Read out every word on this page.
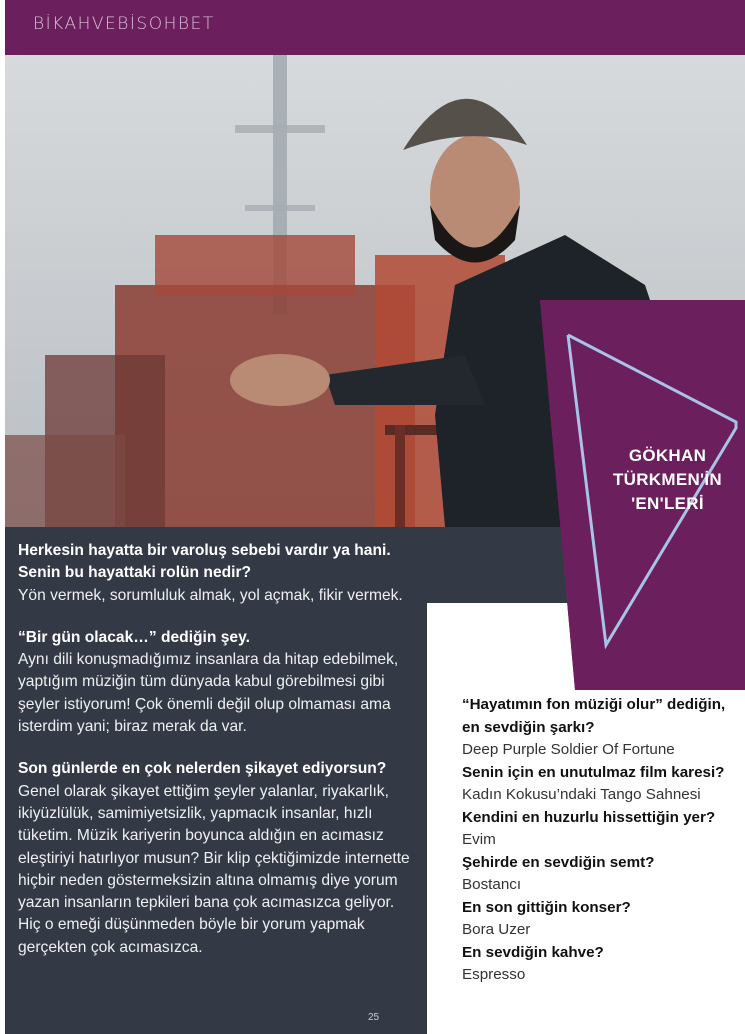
BİKAHVEBİSOHBET
GÖKHAN
TÜRKMEN'İN
'EN'LERİ

Herkesin hayatta bir varoluş sebebi vardır ya hani. Senin bu hayattaki rolün nedir?
Yön vermek, sorumluluk almak, yol açmak, fikir vermek.

“Bir gün olacak…” dediğin şey.
Aynı dili konuşmadığımız insanlara da hitap edebilmek, yaptığım müziğin tüm dünyada kabul görebilmesi gibi şeyler istiyorum! Çok önemli değil olup olmaması ama isterdim yani; biraz merak da var.

Son günlerde en çok nelerden şikayet ediyorsun?
Genel olarak şikayet ettiğim şeyler yalanlar, riyakarlık, ikiyüzlülük, samimiyetsizlik, yapmacık insanlar, hızlı tüketim. Müzik kariyerin boyunca aldığın en acımasız eleştiriyi hatırlıyor musun? Bir klip çektiğimizde internette hiçbir neden göstermeksizin altına olmamış diye yorum yazan insanların tepkileri bana çok acımasızca geliyor. Hiç o emeği düşünmeden böyle bir yorum yapmak gerçekten çok acımasızca.

25
“Hayatımın fon müziği olur” dediğin, en sevdiğin şarkı?
Deep Purple Soldier Of Fortune
Senin için en unutulmaz film karesi?
Kadın Kokusu’ndaki Tango Sahnesi
Kendini en huzurlu hissettiğin yer?
Evim
Şehirde en sevdiğin semt?
Bostancı
En son gittiğin konser?
Bora Uzer
En sevdiğin kahve?
Espresso
